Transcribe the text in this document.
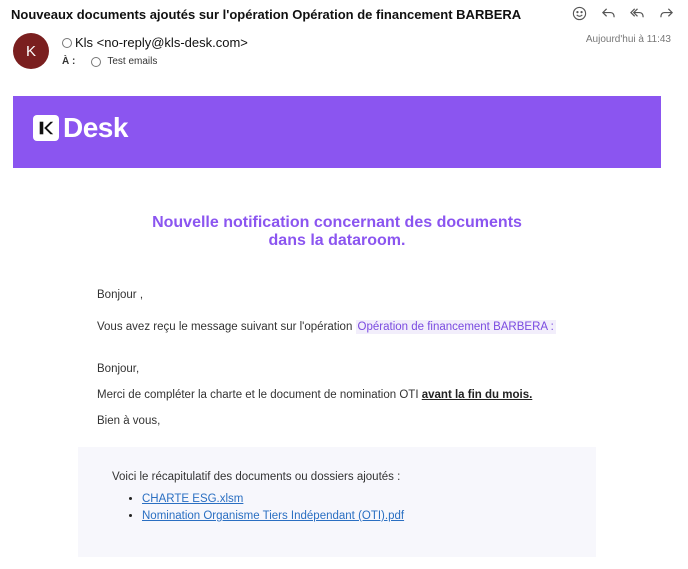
Nouveaux documents ajoutés sur l'opération Opération de financement BARBERA
K	Kls <no-reply@kls-desk.com>
À :	Test emails
Aujourd'hui à 11:43
Desk
Nouvelle notification concernant des documents
dans la dataroom.
Bonjour ,
Vous avez reçu le message suivant sur l'opération Opération de financement BARBERA :
Bonjour,
Merci de compléter la charte et le document de nomination OTI avant la fin du mois.
Bien à vous,
Voici le récapitulatif des documents ou dossiers ajoutés :
• CHARTE ESG.xlsm
• Nomination Organisme Tiers Indépendant (OTI).pdf
